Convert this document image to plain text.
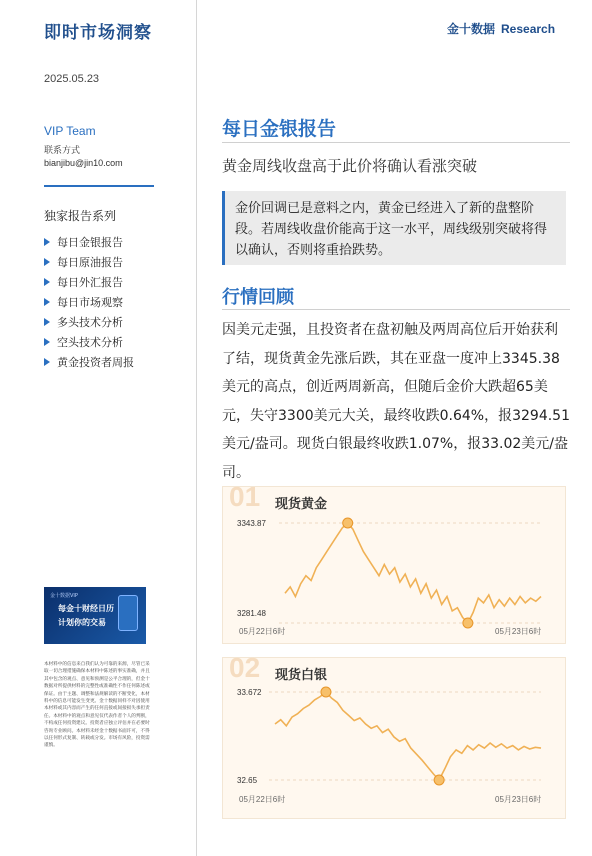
即时市场洞察
2025.05.23
VIP Team
联系方式
bianjibu@jin10.com
独家报告系列
每日金银报告
每日原油报告
每日外汇报告
每日市场观察
多头技术分析
空头技术分析
黄金投资者周报
金十数据VIP
每金十财经日历
计划你的交易
本材料中的信息来自我们认为可靠的来源，尽管已采取一切合理措施确保本材料中陈述的事实准确，并且其中包含的观点、意见和预测是公平合理的，但金十数据对所提供材料的完整性或准确性不作任何陈述或保证。由于主题、调整和法规解读的不断变化，本材料中的信息可能发生变更。金十数据同样不对因使用本材料或其内容而产生的任何直接或间接损失承担责任。本材料中的观点和意见仅代表作者个人的判断，不构成任何投资建议。投资者应独立评估并在必要时咨询专业顾问。本材料未经金十数据书面许可，不得以任何形式复制、转载或分发。市场有风险，投资需谨慎。
金十数据 Research
每日金银报告
黄金周线收盘高于此价将确认看涨突破
金价回调已是意料之内，黄金已经进入了新的盘整阶段。若周线收盘价能高于这一水平，周线级别突破将得以确认，否则将重拾跌势。
行情回顾
因美元走强，且投资者在盘初触及两周高位后开始获利了结，现货黄金先涨后跌，其在亚盘一度冲上3345.38美元的高点，创近两周新高，但随后金价大跌超65美元，失守3300美元大关，最终收跌0.64%，报3294.51美元/盎司。现货白银最终收跌1.07%，报33.02美元/盎司。
01 现货黄金
3343.87
3281.48
05月22日6时	05月23日6时
02 现货白银
33.672
32.65
05月22日6时	05月23日6时
